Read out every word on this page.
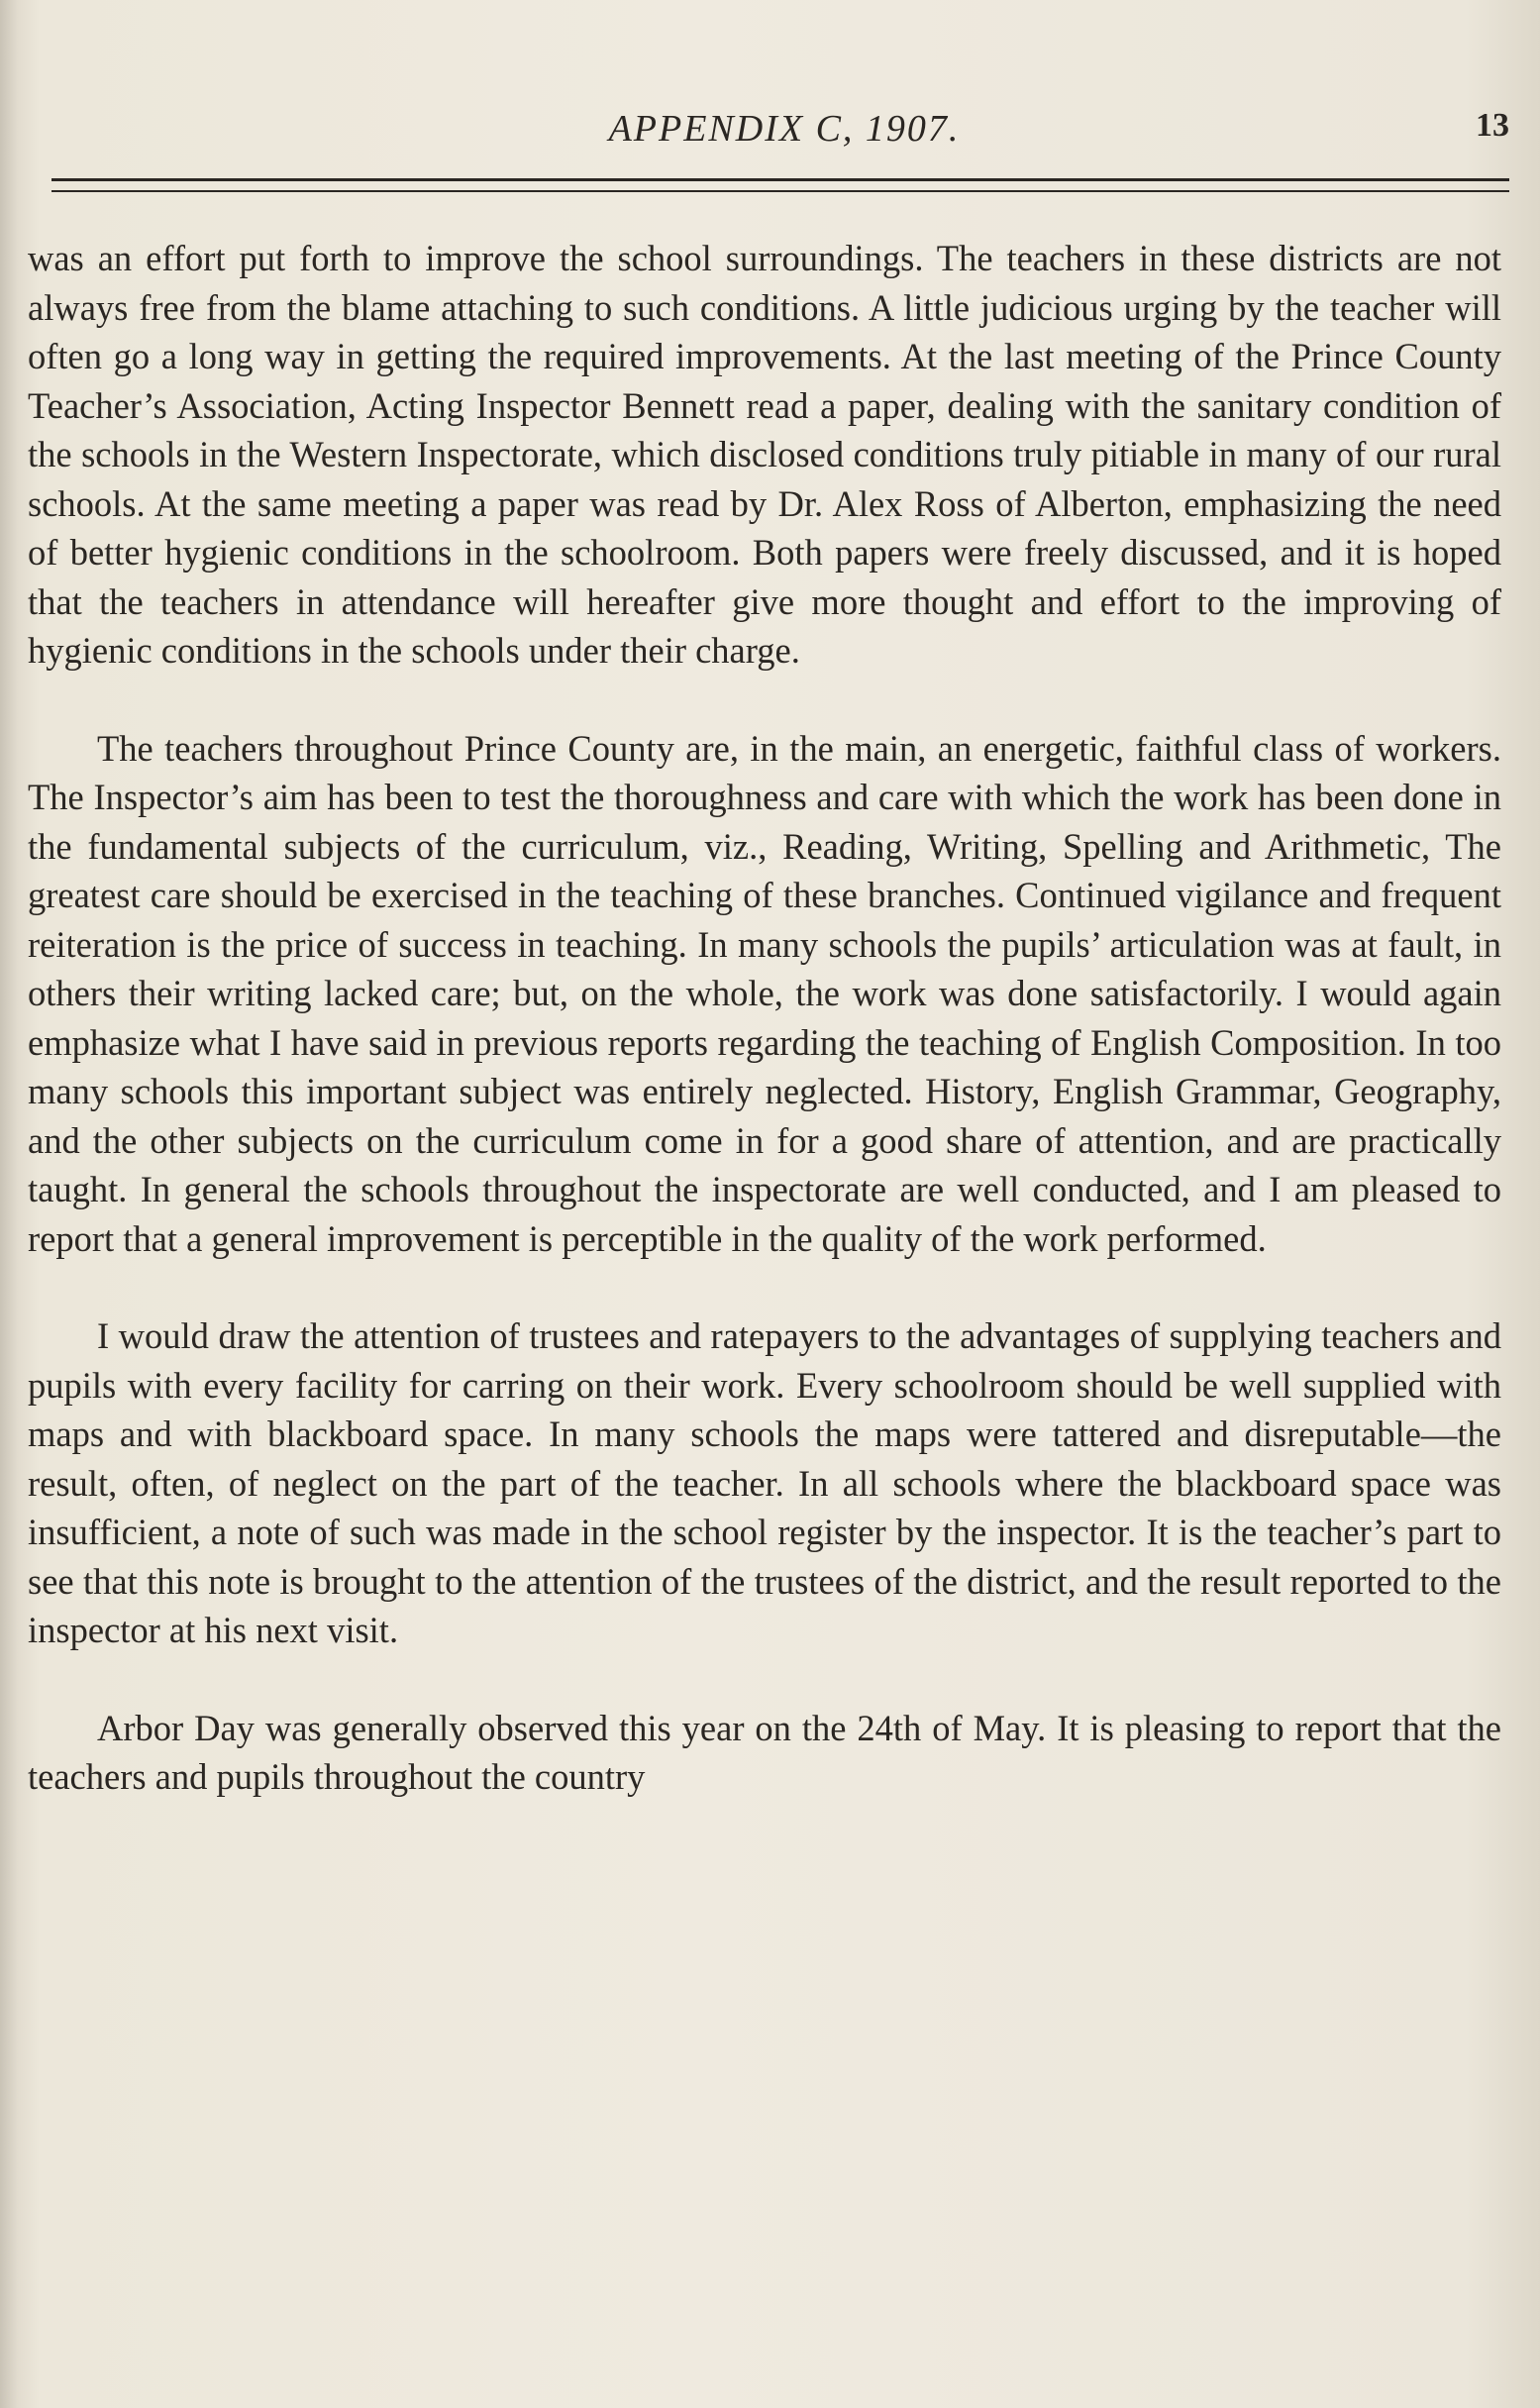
APPENDIX C, 1907.	13

was an effort put forth to improve the school surroundings. The teachers in these districts are not always free from the blame attaching to such conditions. A little judicious urging by the teacher will often go a long way in getting the required improvements. At the last meeting of the Prince County Teacher’s Association, Acting Inspector Bennett read a paper, dealing with the sanitary condition of the schools in the Western Inspectorate, which disclosed conditions truly pitiable in many of our rural schools. At the same meeting a paper was read by Dr. Alex Ross of Alberton, emphasizing the need of better hygienic conditions in the schoolroom. Both papers were freely discussed, and it is hoped that the teachers in attendance will hereafter give more thought and effort to the improving of hygienic conditions in the schools under their charge.

The teachers throughout Prince County are, in the main, an energetic, faithful class of workers. The Inspector’s aim has been to test the thoroughness and care with which the work has been done in the fundamental subjects of the curriculum, viz., Reading, Writing, Spelling and Arithmetic, The greatest care should be exercised in the teaching of these branches. Continued vigilance and frequent reiteration is the price of success in teaching. In many schools the pupils’ articulation was at fault, in others their writing lacked care; but, on the whole, the work was done satisfactorily. I would again emphasize what I have said in previous reports regarding the teaching of English Composition. In too many schools this important subject was entirely neglected. History, English Grammar, Geography, and the other subjects on the curriculum come in for a good share of attention, and are practically taught. In general the schools throughout the inspectorate are well conducted, and I am pleased to report that a general improvement is perceptible in the quality of the work performed.

I would draw the attention of trustees and ratepayers to the advantages of supplying teachers and pupils with every facility for carring on their work. Every schoolroom should be well supplied with maps and with blackboard space. In many schools the maps were tattered and disreputable—the result, often, of neglect on the part of the teacher. In all schools where the blackboard space was insufficient, a note of such was made in the school register by the inspector. It is the teacher’s part to see that this note is brought to the attention of the trustees of the district, and the result reported to the inspector at his next visit.

Arbor Day was generally observed this year on the 24th of May. It is pleasing to report that the teachers and pupils throughout the country
